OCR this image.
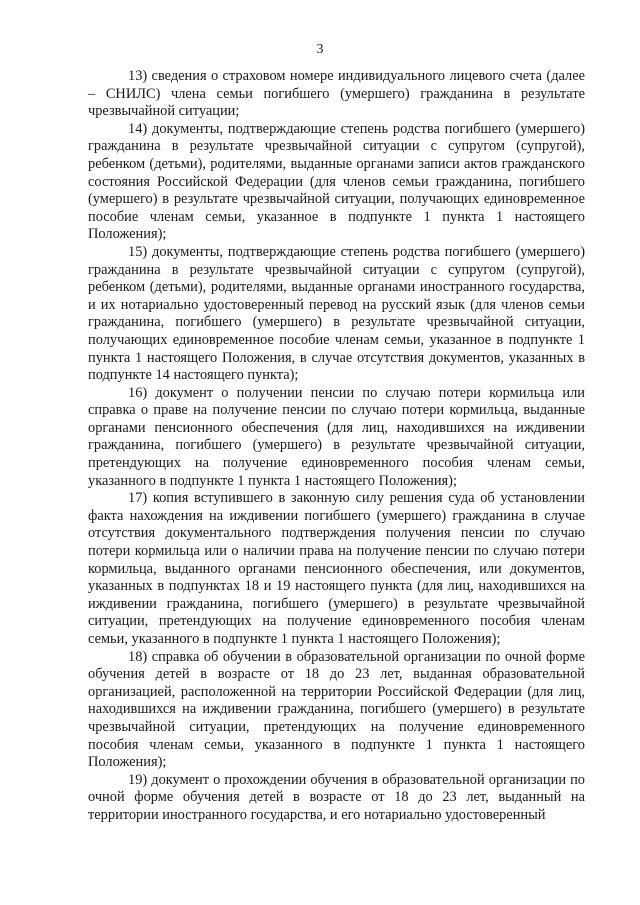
3

13) сведения о страховом номере индивидуального лицевого счета (далее – СНИЛС) члена семьи погибшего (умершего) гражданина в результате чрезвычайной ситуации;

14) документы, подтверждающие степень родства погибшего (умершего) гражданина в результате чрезвычайной ситуации с супругом (супругой), ребенком (детьми), родителями, выданные органами записи актов гражданского состояния Российской Федерации (для членов семьи гражданина, погибшего (умершего) в результате чрезвычайной ситуации, получающих единовременное пособие членам семьи, указанное в подпункте 1 пункта 1 настоящего Положения);

15) документы, подтверждающие степень родства погибшего (умершего) гражданина в результате чрезвычайной ситуации с супругом (супругой), ребенком (детьми), родителями, выданные органами иностранного государства, и их нотариально удостоверенный перевод на русский язык (для членов семьи гражданина, погибшего (умершего) в результате чрезвычайной ситуации, получающих единовременное пособие членам семьи, указанное в подпункте 1 пункта 1 настоящего Положения, в случае отсутствия документов, указанных в подпункте 14 настоящего пункта);

16) документ о получении пенсии по случаю потери кормильца или справка о праве на получение пенсии по случаю потери кормильца, выданные органами пенсионного обеспечения (для лиц, находившихся на иждивении гражданина, погибшего (умершего) в результате чрезвычайной ситуации, претендующих на получение единовременного пособия членам семьи, указанного в подпункте 1 пункта 1 настоящего Положения);

17) копия вступившего в законную силу решения суда об установлении факта нахождения на иждивении погибшего (умершего) гражданина в случае отсутствия документального подтверждения получения пенсии по случаю потери кормильца или о наличии права на получение пенсии по случаю потери кормильца, выданного органами пенсионного обеспечения, или документов, указанных в подпунктах 18 и 19 настоящего пункта (для лиц, находившихся на иждивении гражданина, погибшего (умершего) в результате чрезвычайной ситуации, претендующих на получение единовременного пособия членам семьи, указанного в подпункте 1 пункта 1 настоящего Положения);

18) справка об обучении в образовательной организации по очной форме обучения детей в возрасте от 18 до 23 лет, выданная образовательной организацией, расположенной на территории Российской Федерации (для лиц, находившихся на иждивении гражданина, погибшего (умершего) в результате чрезвычайной ситуации, претендующих на получение единовременного пособия членам семьи, указанного в подпункте 1 пункта 1 настоящего Положения);

19) документ о прохождении обучения в образовательной организации по очной форме обучения детей в возрасте от 18 до 23 лет, выданный на территории иностранного государства, и его нотариально удостоверенный
